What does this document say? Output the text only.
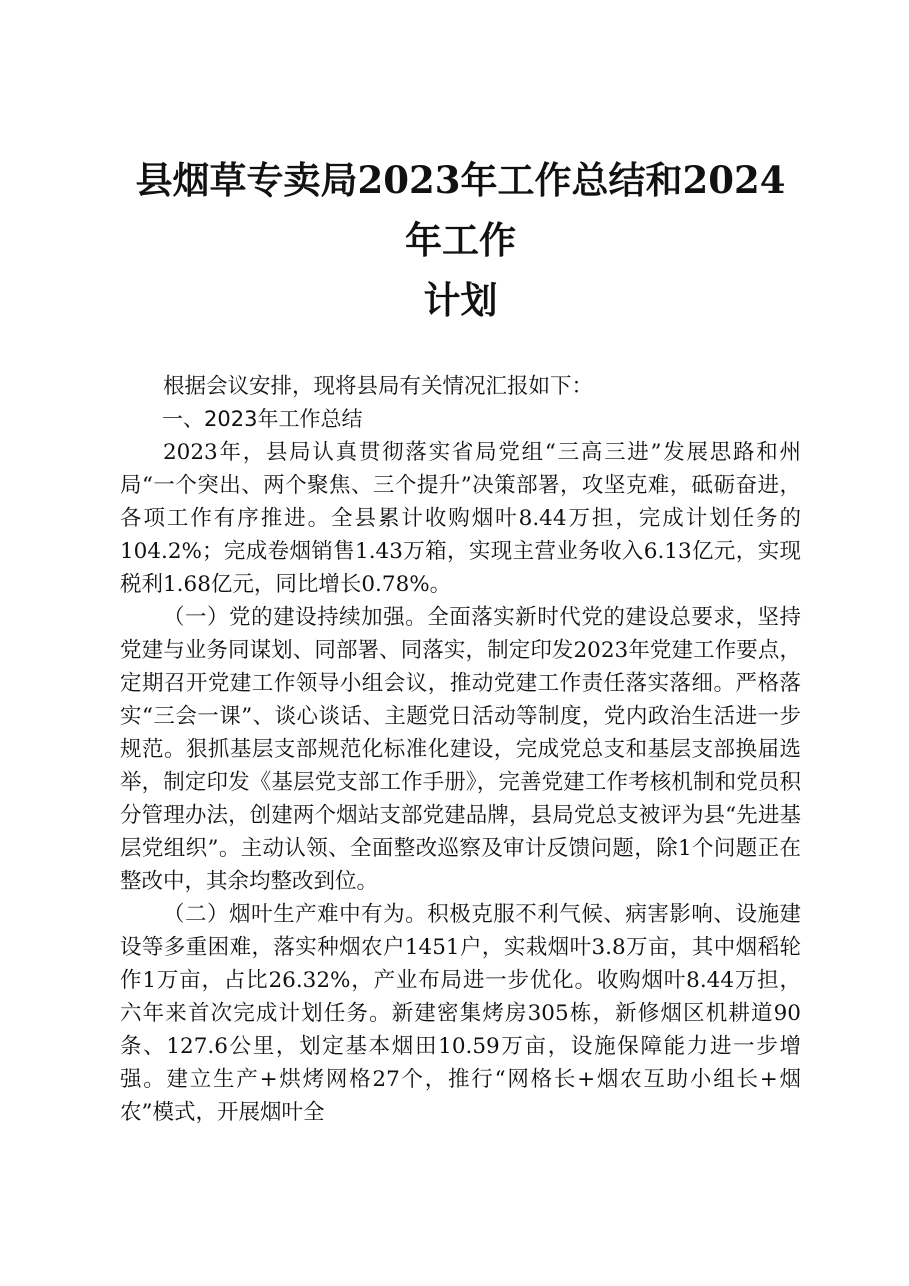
县烟草专卖局2023年工作总结和2024年工作

计划

根据会议安排，现将县局有关情况汇报如下：

一、2023年工作总结

2023年，县局认真贯彻落实省局党组“三高三进”发展思路和州局“一个突出、两个聚焦、三个提升”决策部署，攻坚克难，砥砺奋进，各项工作有序推进。全县累计收购烟叶8.44万担，完成计划任务的104.2%；完成卷烟销售1.43万箱，实现主营业务收入6.13亿元，实现税利1.68亿元，同比增长0.78%。

（一）党的建设持续加强。全面落实新时代党的建设总要求，坚持党建与业务同谋划、同部署、同落实，制定印发2023年党建工作要点，定期召开党建工作领导小组会议，推动党建工作责任落实落细。严格落实“三会一课”、谈心谈话、主题党日活动等制度，党内政治生活进一步规范。狠抓基层支部规范化标准化建设，完成党总支和基层支部换届选举，制定印发《基层党支部工作手册》，完善党建工作考核机制和党员积分管理办法，创建两个烟站支部党建品牌，县局党总支被评为县“先进基层党组织”。主动认领、全面整改巡察及审计反馈问题，除1个问题正在整改中，其余均整改到位。

（二）烟叶生产难中有为。积极克服不利气候、病害影响、设施建设等多重困难，落实种烟农户1451户，实栽烟叶3.8万亩，其中烟稻轮作1万亩，占比26.32%，产业布局进一步优化。收购烟叶8.44万担，六年来首次完成计划任务。新建密集烤房305栋，新修烟区机耕道90条、127.6公里，划定基本烟田10.59万亩，设施保障能力进一步增强。建立生产+烘烤网格27个，推行“网格长+烟农互助小组长+烟农”模式，开展烟叶全
